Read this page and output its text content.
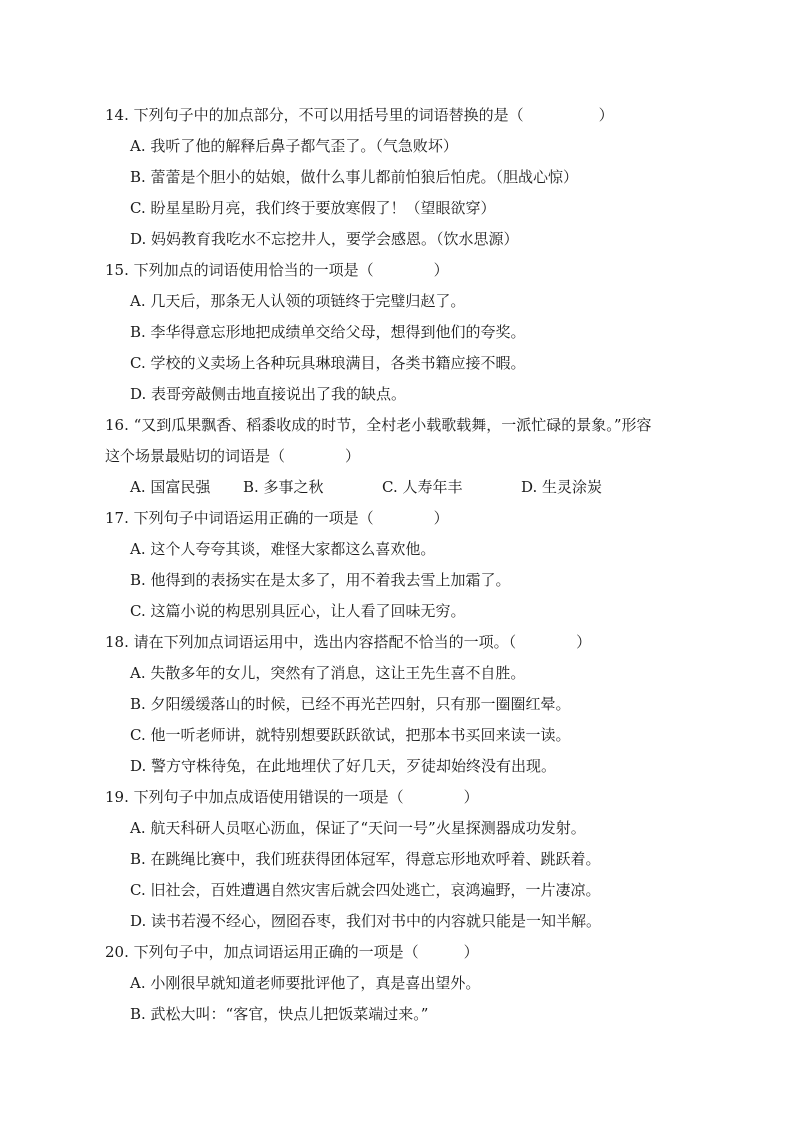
14. 下列句子中的加点部分，不可以用括号里的词语替换的是（　　　　　）
A. 我听了他的解释后鼻子都气歪了。（气急败坏）
B. 蕾蕾是个胆小的姑娘，做什么事儿都前怕狼后怕虎。（胆战心惊）
C. 盼星星盼月亮，我们终于要放寒假了！（望眼欲穿）
D. 妈妈教育我吃水不忘挖井人，要学会感恩。（饮水思源）
15. 下列加点的词语使用恰当的一项是（　　　　）
A. 几天后，那条无人认领的项链终于完璧归赵了。
B. 李华得意忘形地把成绩单交给父母，想得到他们的夸奖。
C. 学校的义卖场上各种玩具琳琅满目，各类书籍应接不暇。
D. 表哥旁敲侧击地直接说出了我的缺点。
16. “又到瓜果飘香、稻黍收成的时节，全村老小载歌载舞，一派忙碌的景象。”形容
这个场景最贴切的词语是（　　　　）
A. 国富民强	B. 多事之秋	C. 人寿年丰	D. 生灵涂炭
17. 下列句子中词语运用正确的一项是（　　　　）
A. 这个人夸夸其谈，难怪大家都这么喜欢他。
B. 他得到的表扬实在是太多了，用不着我去雪上加霜了。
C. 这篇小说的构思别具匠心，让人看了回味无穷。
18. 请在下列加点词语运用中，选出内容搭配不恰当的一项。（　　　　）
A. 失散多年的女儿，突然有了消息，这让王先生喜不自胜。
B. 夕阳缓缓落山的时候，已经不再光芒四射，只有那一圈圈红晕。
C. 他一听老师讲，就特别想要跃跃欲试，把那本书买回来读一读。
D. 警方守株待兔，在此地埋伏了好几天，歹徒却始终没有出现。
19. 下列句子中加点成语使用错误的一项是（　　　　）
A. 航天科研人员呕心沥血，保证了“天问一号”火星探测器成功发射。
B. 在跳绳比赛中，我们班获得团体冠军，得意忘形地欢呼着、跳跃着。
C. 旧社会，百姓遭遇自然灾害后就会四处逃亡，哀鸿遍野，一片凄凉。
D. 读书若漫不经心，囫囵吞枣，我们对书中的内容就只能是一知半解。
20. 下列句子中，加点词语运用正确的一项是（　　　）
A. 小刚很早就知道老师要批评他了，真是喜出望外。
B. 武松大叫：“客官，快点儿把饭菜端过来。”
